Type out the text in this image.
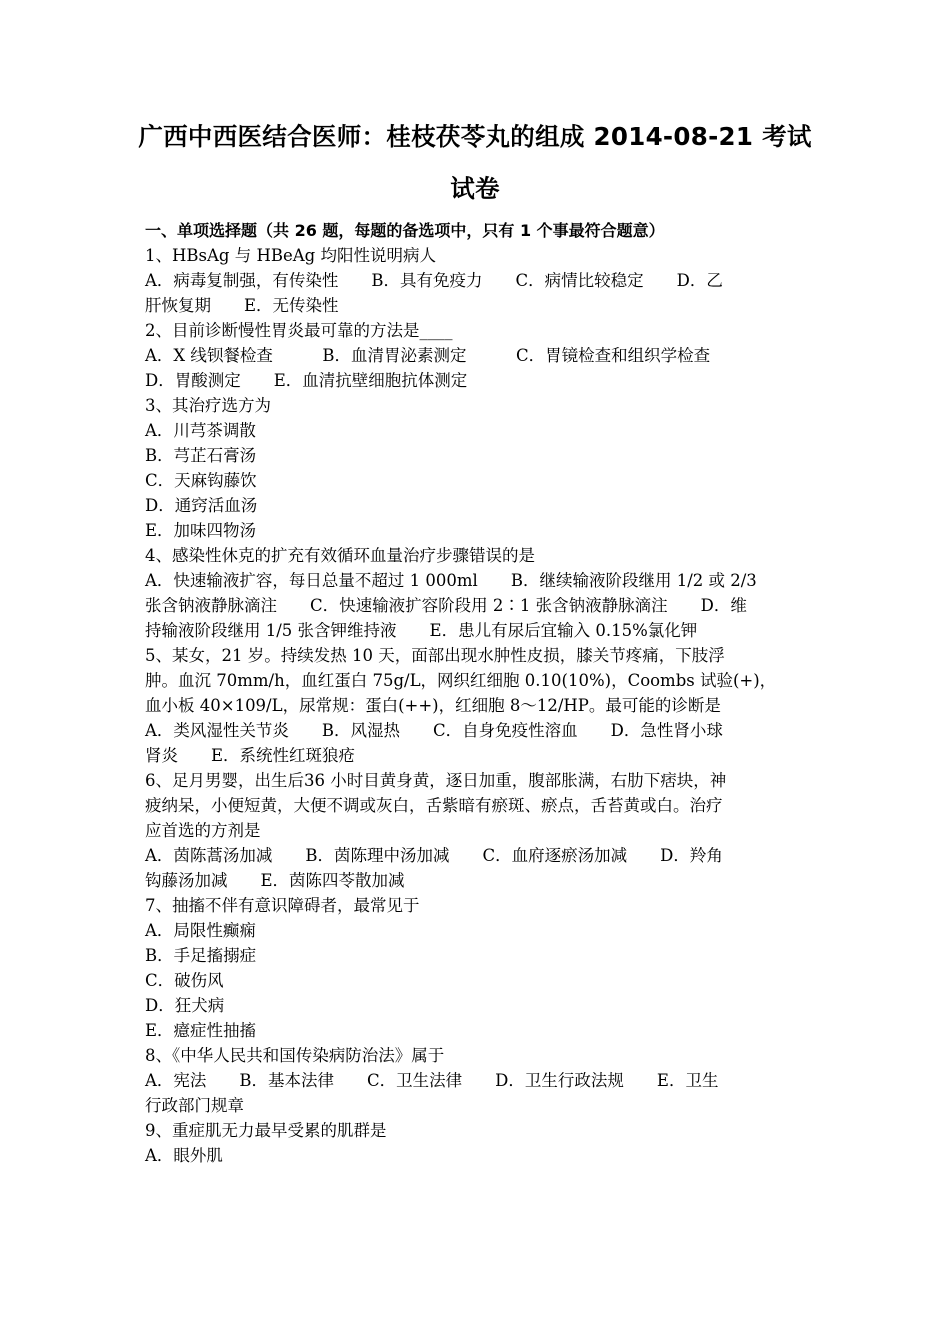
广西中西医结合医师：桂枝茯苓丸的组成 2014-08-21 考试
试卷
一、单项选择题（共 26 题，每题的备选项中，只有 1 个事最符合题意）
1、HBsAg 与 HBeAg 均阳性说明病人
A．病毒复制强，有传染性　　B．具有免疫力　　C．病情比较稳定　　D．乙
肝恢复期　　E．无传染性
2、目前诊断慢性胃炎最可靠的方法是____
A．X 线钡餐检查　　　B．血清胃泌素测定　　　C．胃镜检查和组织学检查
D．胃酸测定　　E．血清抗壁细胞抗体测定
3、其治疗选方为
A．川芎茶调散
B．芎芷石膏汤
C．天麻钩藤饮
D．通窍活血汤
E．加味四物汤
4、感染性休克的扩充有效循环血量治疗步骤错误的是
A．快速输液扩容，每日总量不超过 1 000ml　　B．继续输液阶段继用 1/2 或 2/3
张含钠液静脉滴注　　C．快速输液扩容阶段用 2∶1 张含钠液静脉滴注　　D．维
持输液阶段继用 1/5 张含钾维持液　　E．患儿有尿后宜输入 0.15%氯化钾
5、某女，21 岁。持续发热 10 天，面部出现水肿性皮损，膝关节疼痛，下肢浮
肿。血沉 70mm/h，血红蛋白 75g/L，网织红细胞 0.10(10%)，Coombs 试验(+)，
血小板 40×109/L，尿常规：蛋白(++)，红细胞 8～12/HP。最可能的诊断是
A．类风湿性关节炎　　B．风湿热　　C．自身免疫性溶血　　D．急性肾小球
肾炎　　E．系统性红斑狼疮
6、足月男婴，出生后36 小时目黄身黄，逐日加重，腹部胀满，右肋下痞块，神
疲纳呆，小便短黄，大便不调或灰白，舌紫暗有瘀斑、瘀点，舌苔黄或白。治疗
应首选的方剂是
A．茵陈蒿汤加减　　B．茵陈理中汤加减　　C．血府逐瘀汤加减　　D．羚角
钩藤汤加减　　E．茵陈四苓散加减
7、抽搐不伴有意识障碍者，最常见于
A．局限性癫痫
B．手足搐搦症
C．破伤风
D．狂犬病
E．癔症性抽搐
8、《中华人民共和国传染病防治法》属于
A．宪法　　B．基本法律　　C．卫生法律　　D．卫生行政法规　　E．卫生
行政部门规章
9、重症肌无力最早受累的肌群是
A．眼外肌
